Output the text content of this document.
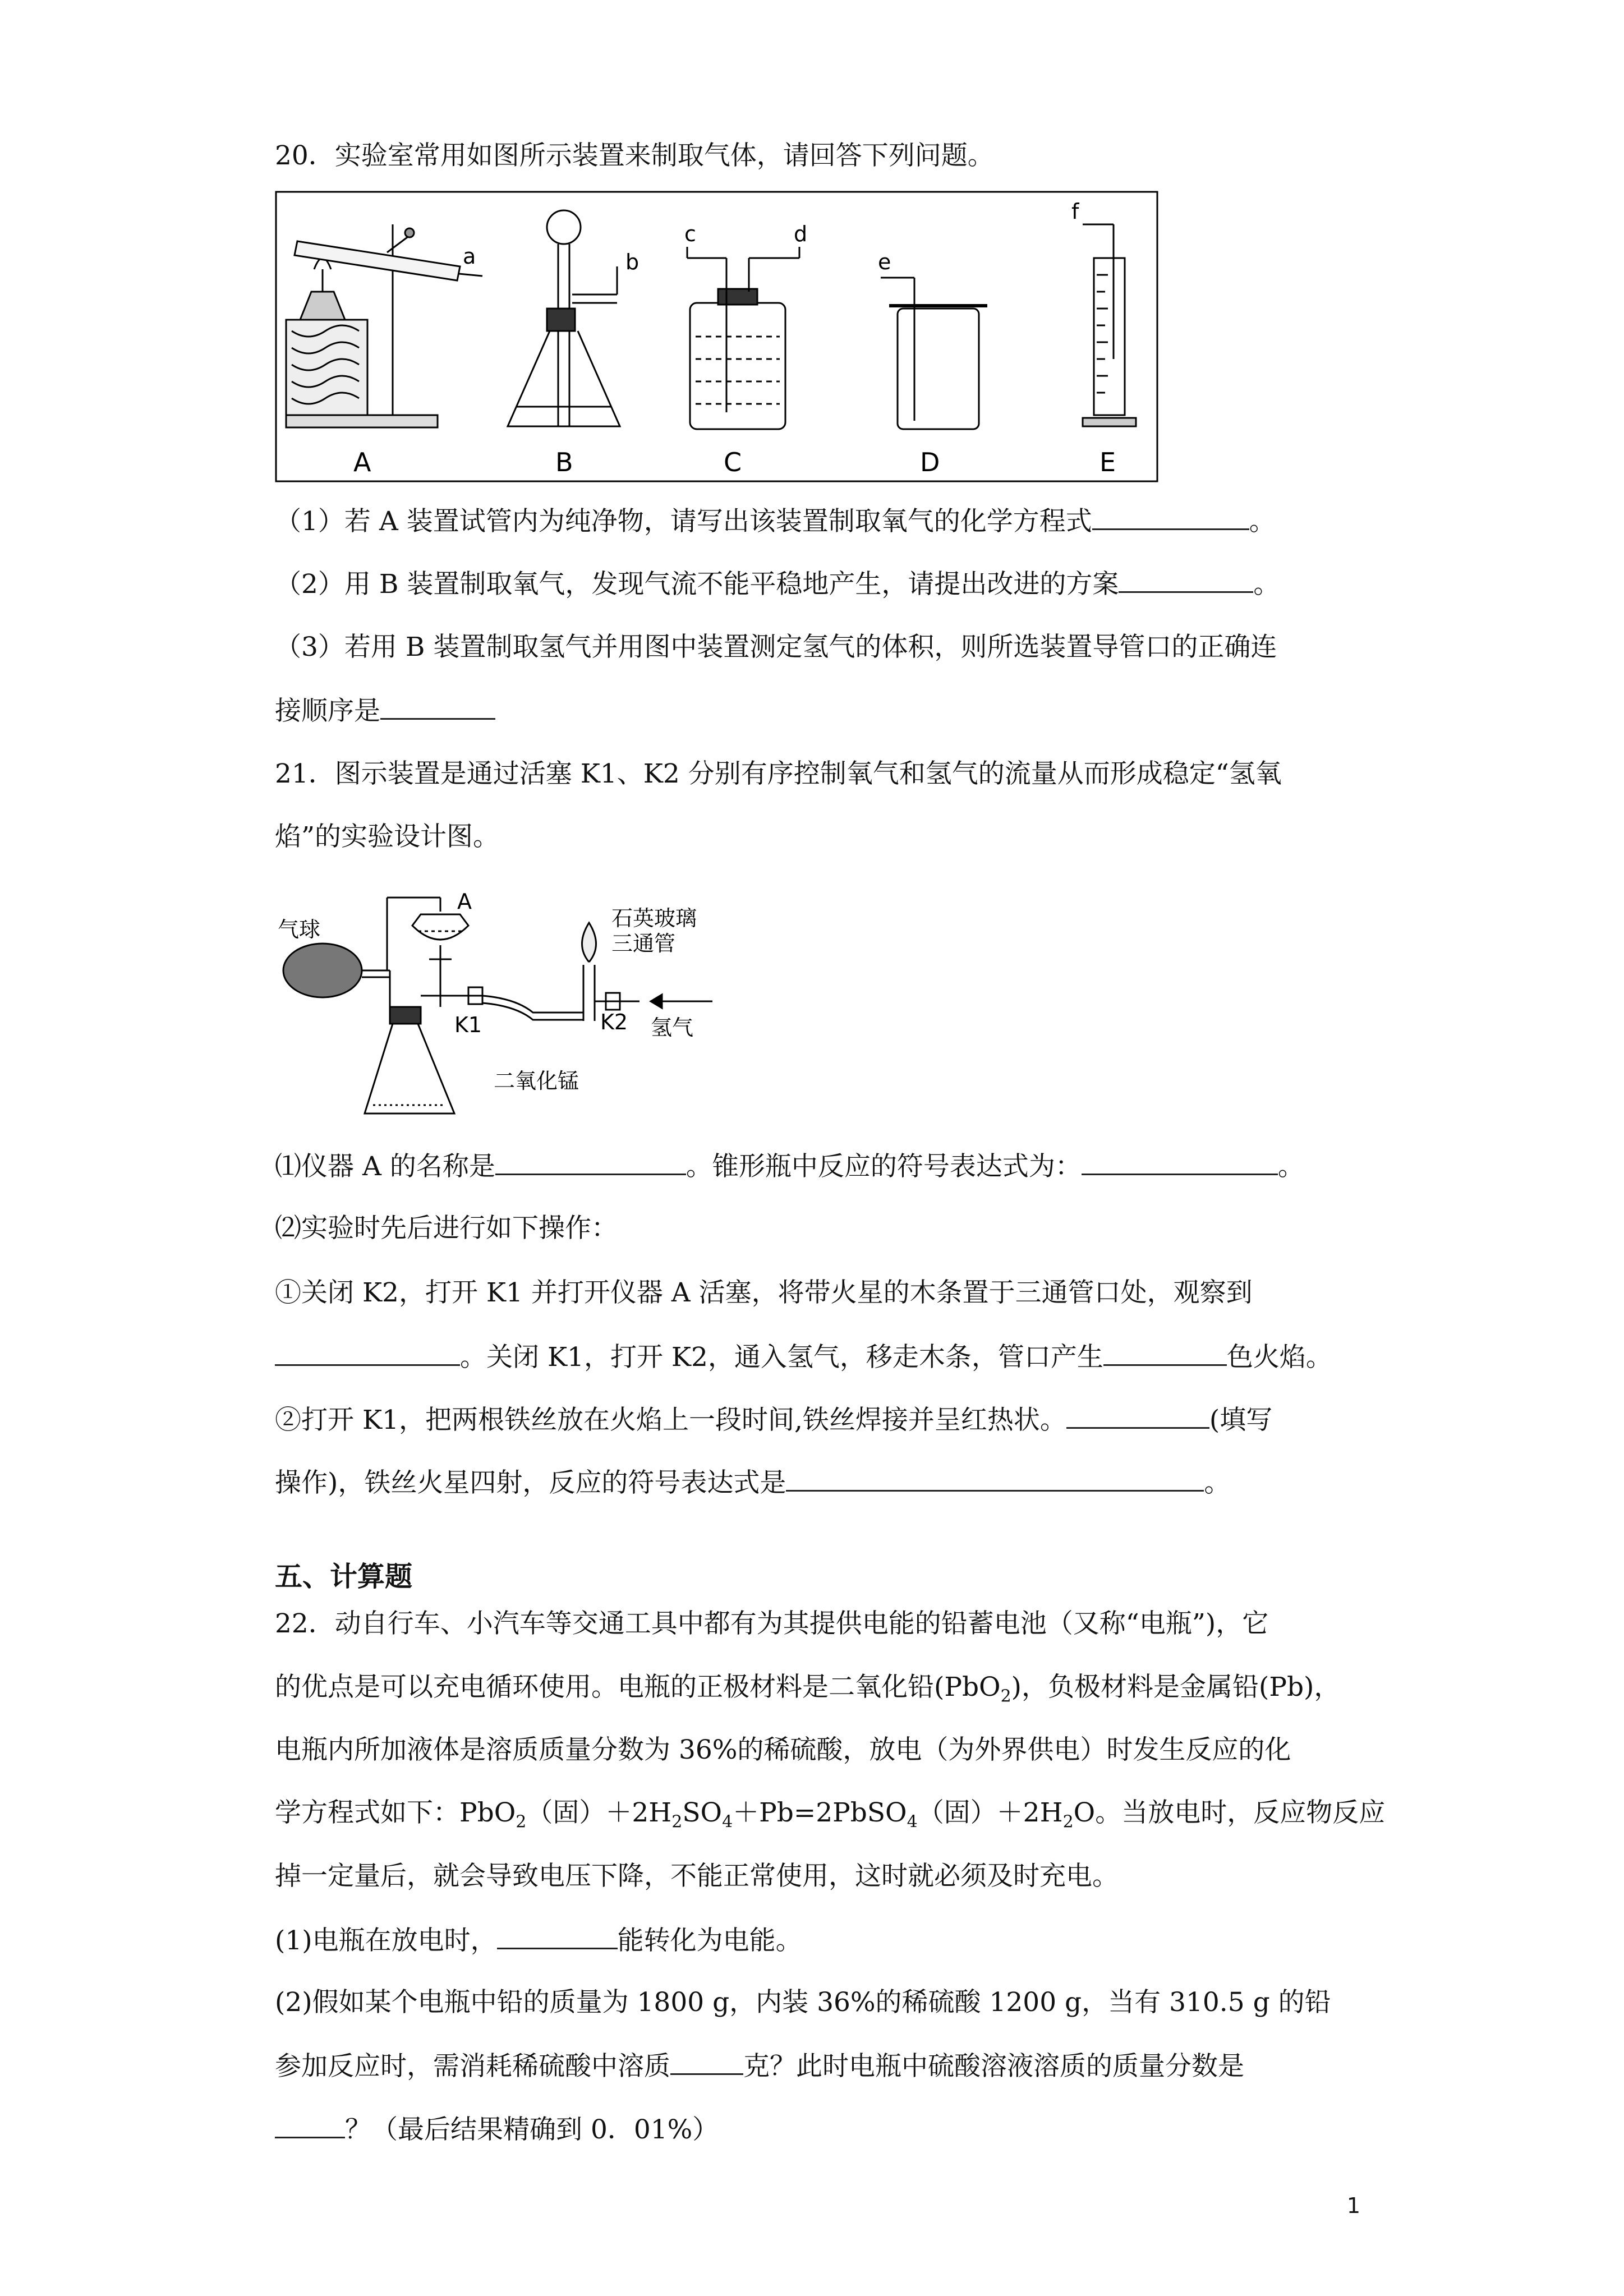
20．实验室常用如图所示装置来制取气体，请回答下列问题。
a
A
b
B
c	d
C
e
D
f
E
（1）若 A 装置试管内为纯净物，请写出该装置制取氧气的化学方程式	。
（2）用 B 装置制取氧气，发现气流不能平稳地产生，请提出改进的方案	。
（3）若用 B 装置制取氢气并用图中装置测定氢气的体积，则所选装置导管口的正确连
接顺序是
21．图示装置是通过活塞 K1、K2 分别有序控制氧气和氢气的流量从而形成稳定“氢氧
焰”的实验设计图。
气球
A
石英玻璃
三通管
K1	K2 氢气
二氧化锰
⑴仪器 A 的名称是	。锥形瓶中反应的符号表达式为：	。
⑵实验时先后进行如下操作：
①关闭 K2，打开 K1 并打开仪器 A 活塞，将带火星的木条置于三通管口处，观察到
。关闭 K1，打开 K2，通入氢气，移走木条，管口产生	色火焰。
②打开 K1，把两根铁丝放在火焰上一段时间,铁丝焊接并呈红热状。	(填写
操作)，铁丝火星四射，反应的符号表达式是	。
五、计算题
22．动自行车、小汽车等交通工具中都有为其提供电能的铅蓄电池（又称“电瓶”)，它
的优点是可以充电循环使用。电瓶的正极材料是二氧化铅(PbO$_2$)，负极材料是金属铅(Pb)，
电瓶内所加液体是溶质质量分数为 36%的稀硫酸，放电（为外界供电）时发生反应的化
学方程式如下：PbO$_2$（固）$+2H_2SO_4+Pb=2PbSO_4$（固）$+2H_2O$。当放电时，反应物反应
掉一定量后，就会导致电压下降，不能正常使用，这时就必须及时充电。
(1)电瓶在放电时，	能转化为电能。
(2)假如某个电瓶中铅的质量为 1800 g，内装 36%的稀硫酸 1200 g，当有 310.5 g 的铅
参加反应时，需消耗稀硫酸中溶质	克？此时电瓶中硫酸溶液溶质的质量分数是
？（最后结果精确到 0．01%）
1
